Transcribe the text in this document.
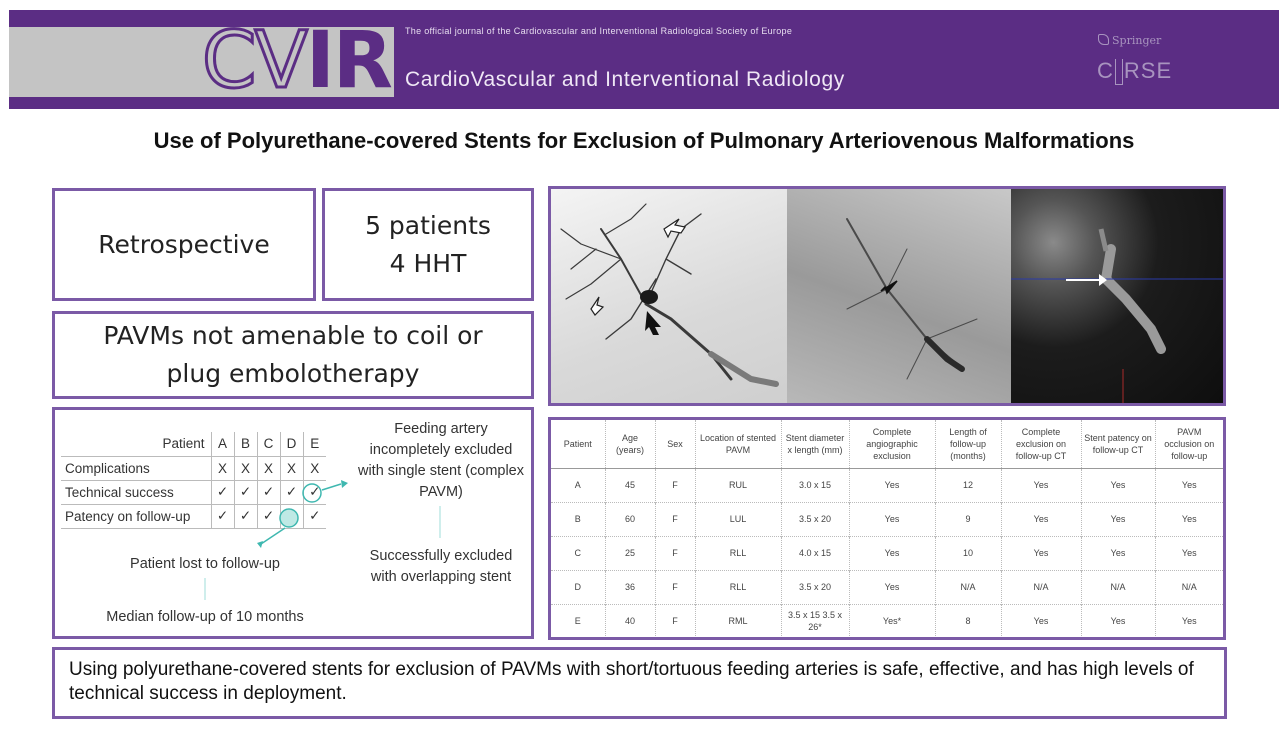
CVIR The official journal of the Cardiovascular and Interventional Radiological Society of Europe
CardioVascular and Interventional Radiology
Springer
C RSE
Use of Polyurethane-covered Stents for Exclusion of Pulmonary Arteriovenous Malformations
Retrospective
5 patients
4 HHT
PAVMs not amenable to coil or
plug embolotherapy
Patient	A	B	C	D	E
Complications	X	X	X	X	X
Technical success	✓	✓	✓	✓	✓
Patency on follow-up	✓	✓	✓		✓
Feeding artery incompletely excluded with single stent (complex PAVM)
Successfully excluded with overlapping stent
Patient lost to follow-up
Median follow-up of 10 months
Patient	Age (years)	Sex	Location of stented PAVM	Stent diameter x length (mm)	Complete angiographic exclusion	Length of follow-up (months)	Complete exclusion on follow-up CT	Stent patency on follow-up CT	PAVM occlusion on follow-up
A	45	F	RUL	3.0 x 15	Yes	12	Yes	Yes	Yes
B	60	F	LUL	3.5 x 20	Yes	9	Yes	Yes	Yes
C	25	F	RLL	4.0 x 15	Yes	10	Yes	Yes	Yes
D	36	F	RLL	3.5 x 20	Yes	N/A	N/A	N/A	N/A
E	40	F	RML	3.5 x 15 3.5 x 26*	Yes*	8	Yes	Yes	Yes
Using polyurethane-covered stents for exclusion of PAVMs with short/tortuous feeding arteries is safe, effective, and has high levels of technical success in deployment.
